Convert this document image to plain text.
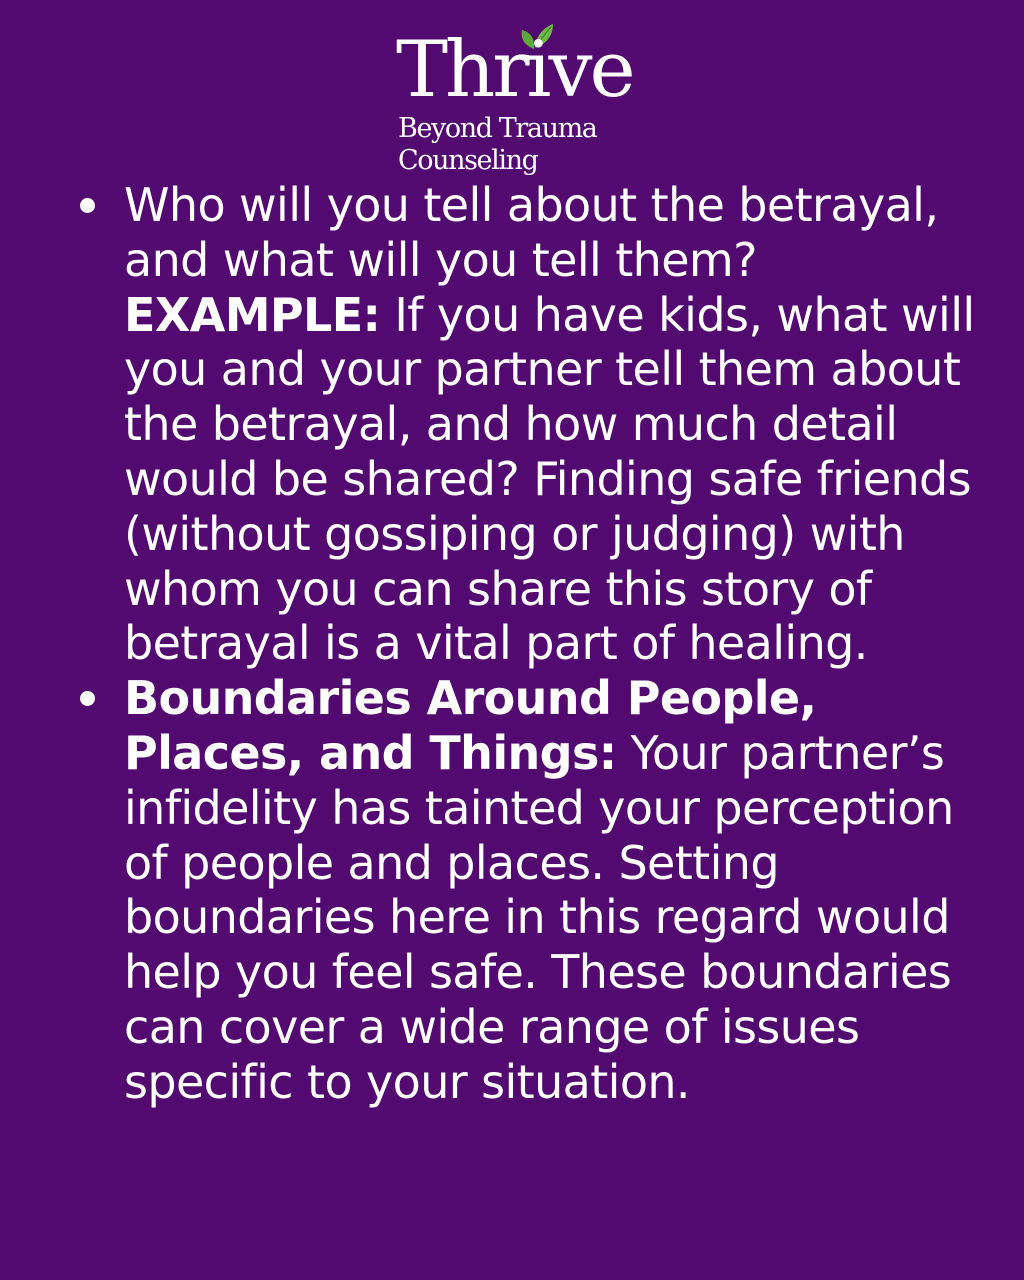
Thrive
Beyond Trauma
Counseling
Who will you tell about the betrayal, and what will you tell them? EXAMPLE: If you have kids, what will you and your partner tell them about the betrayal, and how much detail would be shared? Finding safe friends (without gossiping or judging) with whom you can share this story of betrayal is a vital part of healing.
Boundaries Around People, Places, and Things: Your partner’s infidelity has tainted your perception of people and places. Setting boundaries here in this regard would help you feel safe. These boundaries can cover a wide range of issues specific to your situation.
